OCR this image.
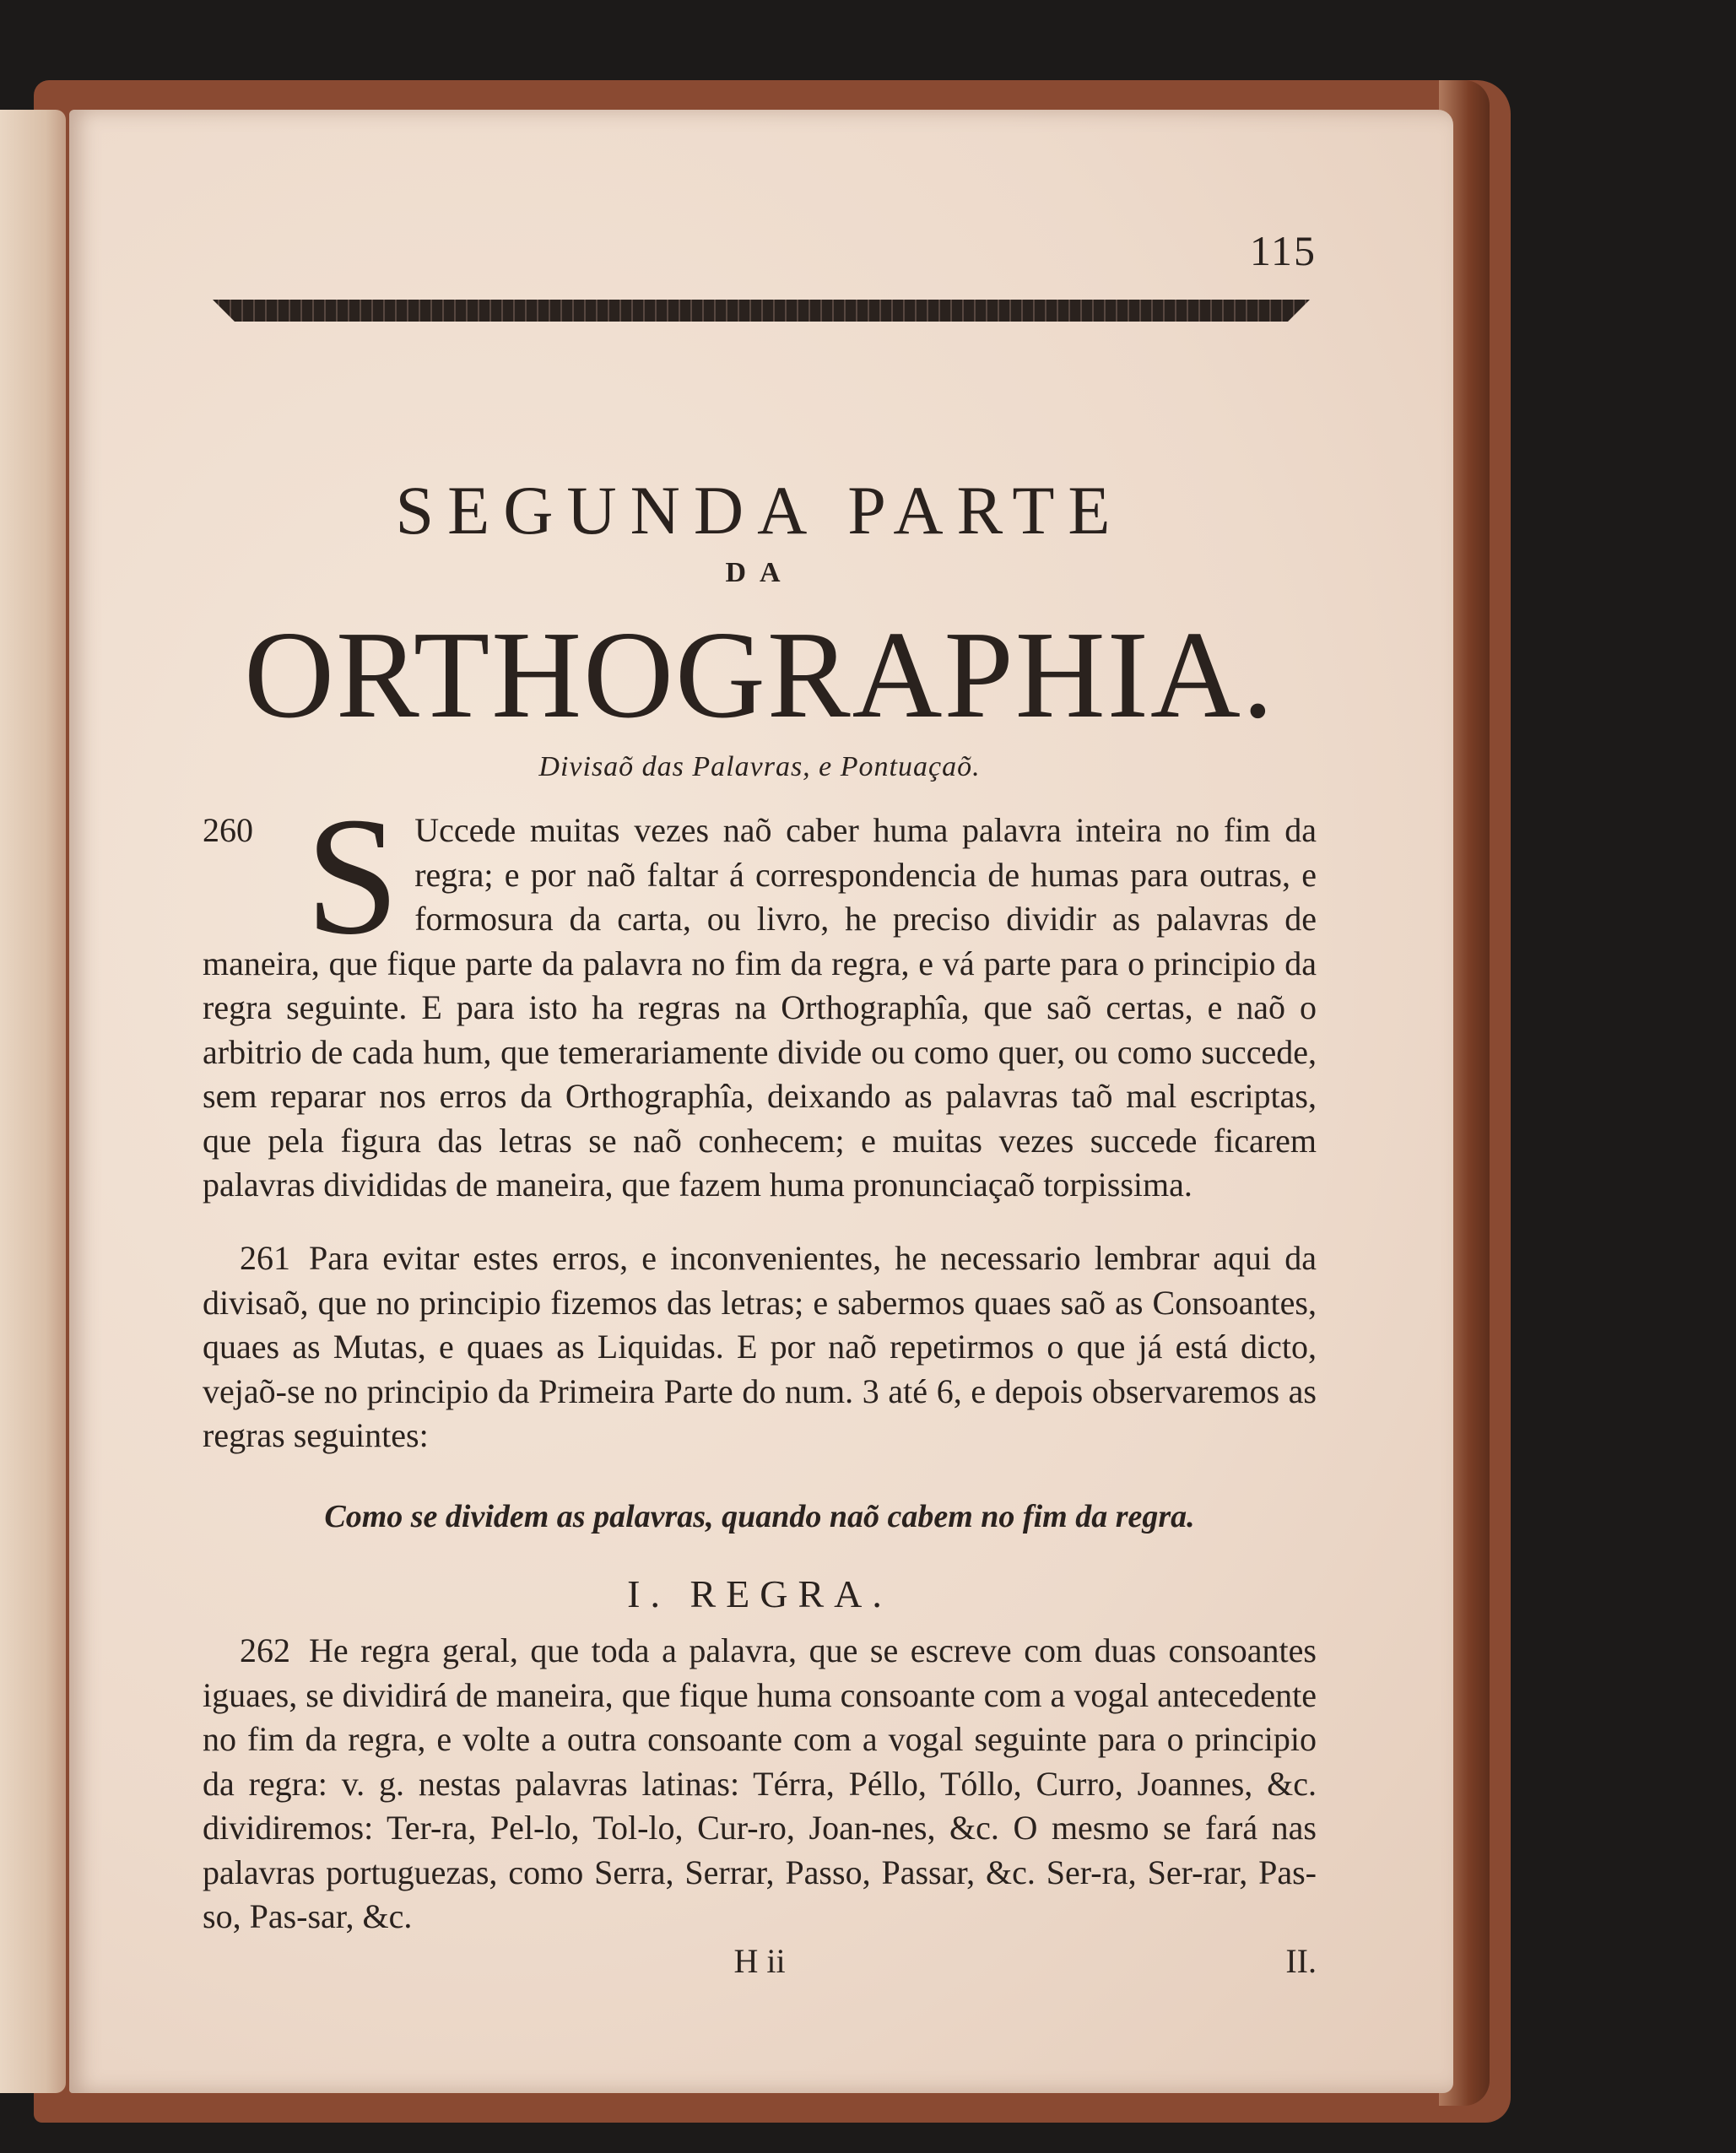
115
SEGUNDA PARTE
DA
ORTHOGRAPHIA.
Divisaõ das Palavras, e Pontuaçaõ.
260 S Uccede muitas vezes naõ caber huma palavra inteira no fim da regra; e por naõ faltar á correspondencia de humas para outras, e formosura da carta, ou livro, he preciso dividir as palavras de maneira, que fique parte da palavra no fim da regra, e vá parte para o principio da regra seguinte. E para isto ha regras na Orthographîa, que saõ certas, e naõ o arbitrio de cada hum, que temerariamente divide ou como quer, ou como succede, sem reparar nos erros da Orthographîa, deixando as palavras taõ mal escriptas, que pela figura das letras se naõ conhecem; e muitas vezes succede ficarem palavras divididas de maneira, que fazem huma pronunciaçaõ torpissima.
261 Para evitar estes erros, e inconvenientes, he necessario lembrar aqui da divisaõ, que no principio fizemos das letras; e sabermos quaes saõ as Consoantes, quaes as Mutas, e quaes as Liquidas. E por naõ repetirmos o que já está dicto, vejaõ-se no principio da Primeira Parte do num. 3 até 6, e depois observaremos as regras seguintes:
Como se dividem as palavras, quando naõ cabem no fim da regra.
I. REGRA.
262 He regra geral, que toda a palavra, que se escreve com duas consoantes iguaes, se dividirá de maneira, que fique huma consoante com a vogal antecedente no fim da regra, e volte a outra consoante com a vogal seguinte para o principio da regra: v. g. nestas palavras latinas: Térra, Péllo, Tóllo, Curro, Joannes, &c. dividiremos: Ter-ra, Pel-lo, Tol-lo, Cur-ro, Joan-nes, &c. O mesmo se fará nas palavras portuguezas, como Serra, Serrar, Passo, Passar, &c. Ser-ra, Ser-rar, Pas-so, Pas-sar, &c.
H ii	II.
